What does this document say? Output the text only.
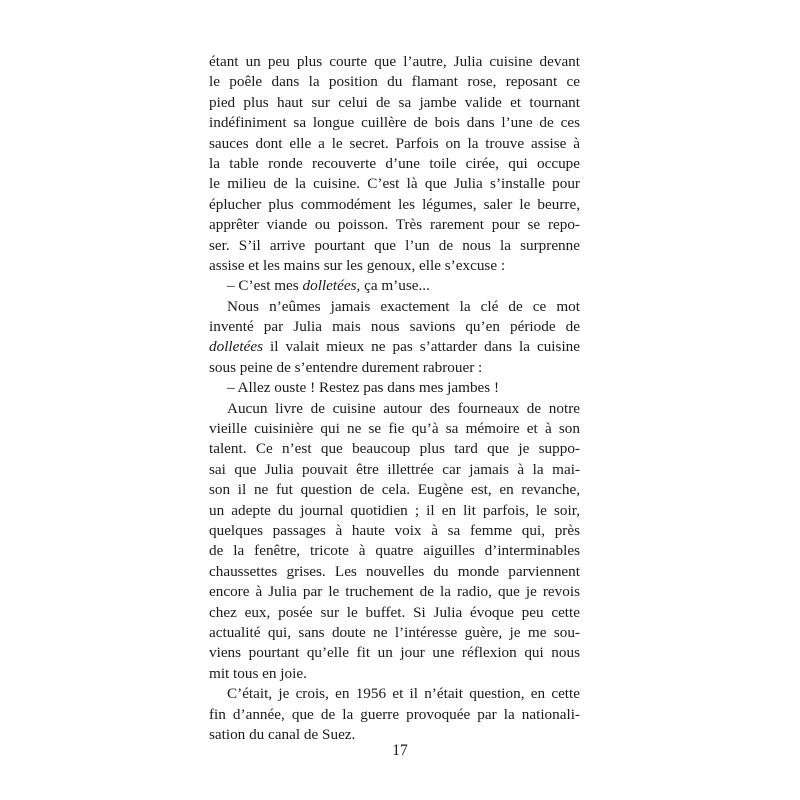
étant un peu plus courte que l’autre, Julia cuisine devant
le poêle dans la position du flamant rose, reposant ce
pied plus haut sur celui de sa jambe valide et tournant
indéfiniment sa longue cuillère de bois dans l’une de ces
sauces dont elle a le secret. Parfois on la trouve assise à
la table ronde recouverte d’une toile cirée, qui occupe
le milieu de la cuisine. C’est là que Julia s’installe pour
éplucher plus commodément les légumes, saler le beurre,
apprêter viande ou poisson. Très rarement pour se repo-
ser. S’il arrive pourtant que l’un de nous la surprenne
assise et les mains sur les genoux, elle s’excuse :
– C’est mes dolletées, ça m’use...
Nous n’eûmes jamais exactement la clé de ce mot
inventé par Julia mais nous savions qu’en période de
dolletées il valait mieux ne pas s’attarder dans la cuisine
sous peine de s’entendre durement rabrouer :
– Allez ouste ! Restez pas dans mes jambes !
Aucun livre de cuisine autour des fourneaux de notre
vieille cuisinière qui ne se fie qu’à sa mémoire et à son
talent. Ce n’est que beaucoup plus tard que je suppo-
sai que Julia pouvait être illettrée car jamais à la mai-
son il ne fut question de cela. Eugène est, en revanche,
un adepte du journal quotidien ; il en lit parfois, le soir,
quelques passages à haute voix à sa femme qui, près
de la fenêtre, tricote à quatre aiguilles d’interminables
chaussettes grises. Les nouvelles du monde parviennent
encore à Julia par le truchement de la radio, que je revois
chez eux, posée sur le buffet. Si Julia évoque peu cette
actualité qui, sans doute ne l’intéresse guère, je me sou-
viens pourtant qu’elle fit un jour une réflexion qui nous
mit tous en joie.
C’était, je crois, en 1956 et il n’était question, en cette
fin d’année, que de la guerre provoquée par la nationali-
sation du canal de Suez.
17
